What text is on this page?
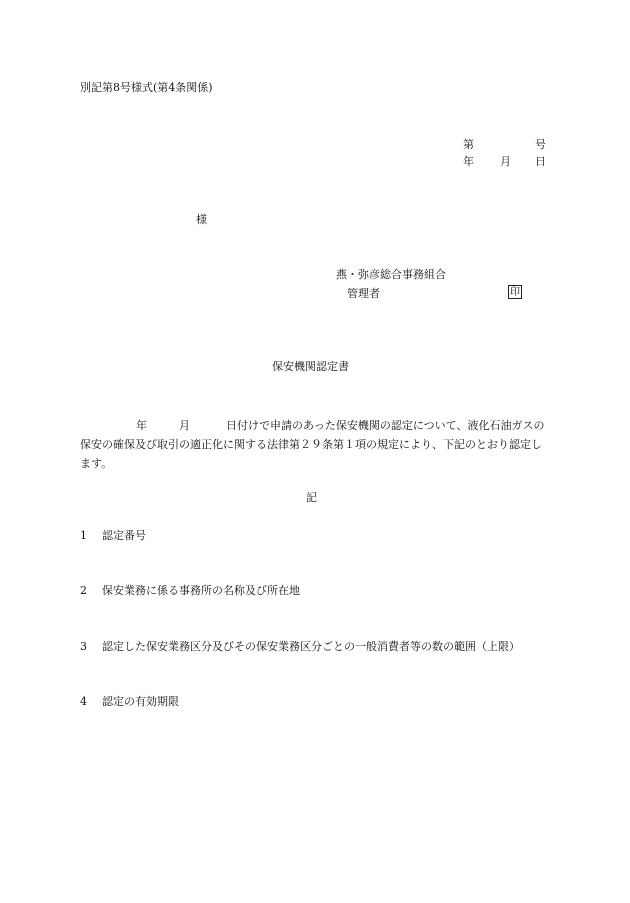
別記第8号様式(第4条関係)
第	号
年 月 日
様
燕・弥彦総合事務組合
管理者	印
保安機関認定書
年	月	日付けで申請のあった保安機関の認定について、液化石油ガスの保安の確保及び取引の適正化に関する法律第２９条第１項の規定により、下記のとおり認定します。
記
1 認定番号
2 保安業務に係る事務所の名称及び所在地
3 認定した保安業務区分及びその保安業務区分ごとの一般消費者等の数の範囲（上限）
4 認定の有効期限
